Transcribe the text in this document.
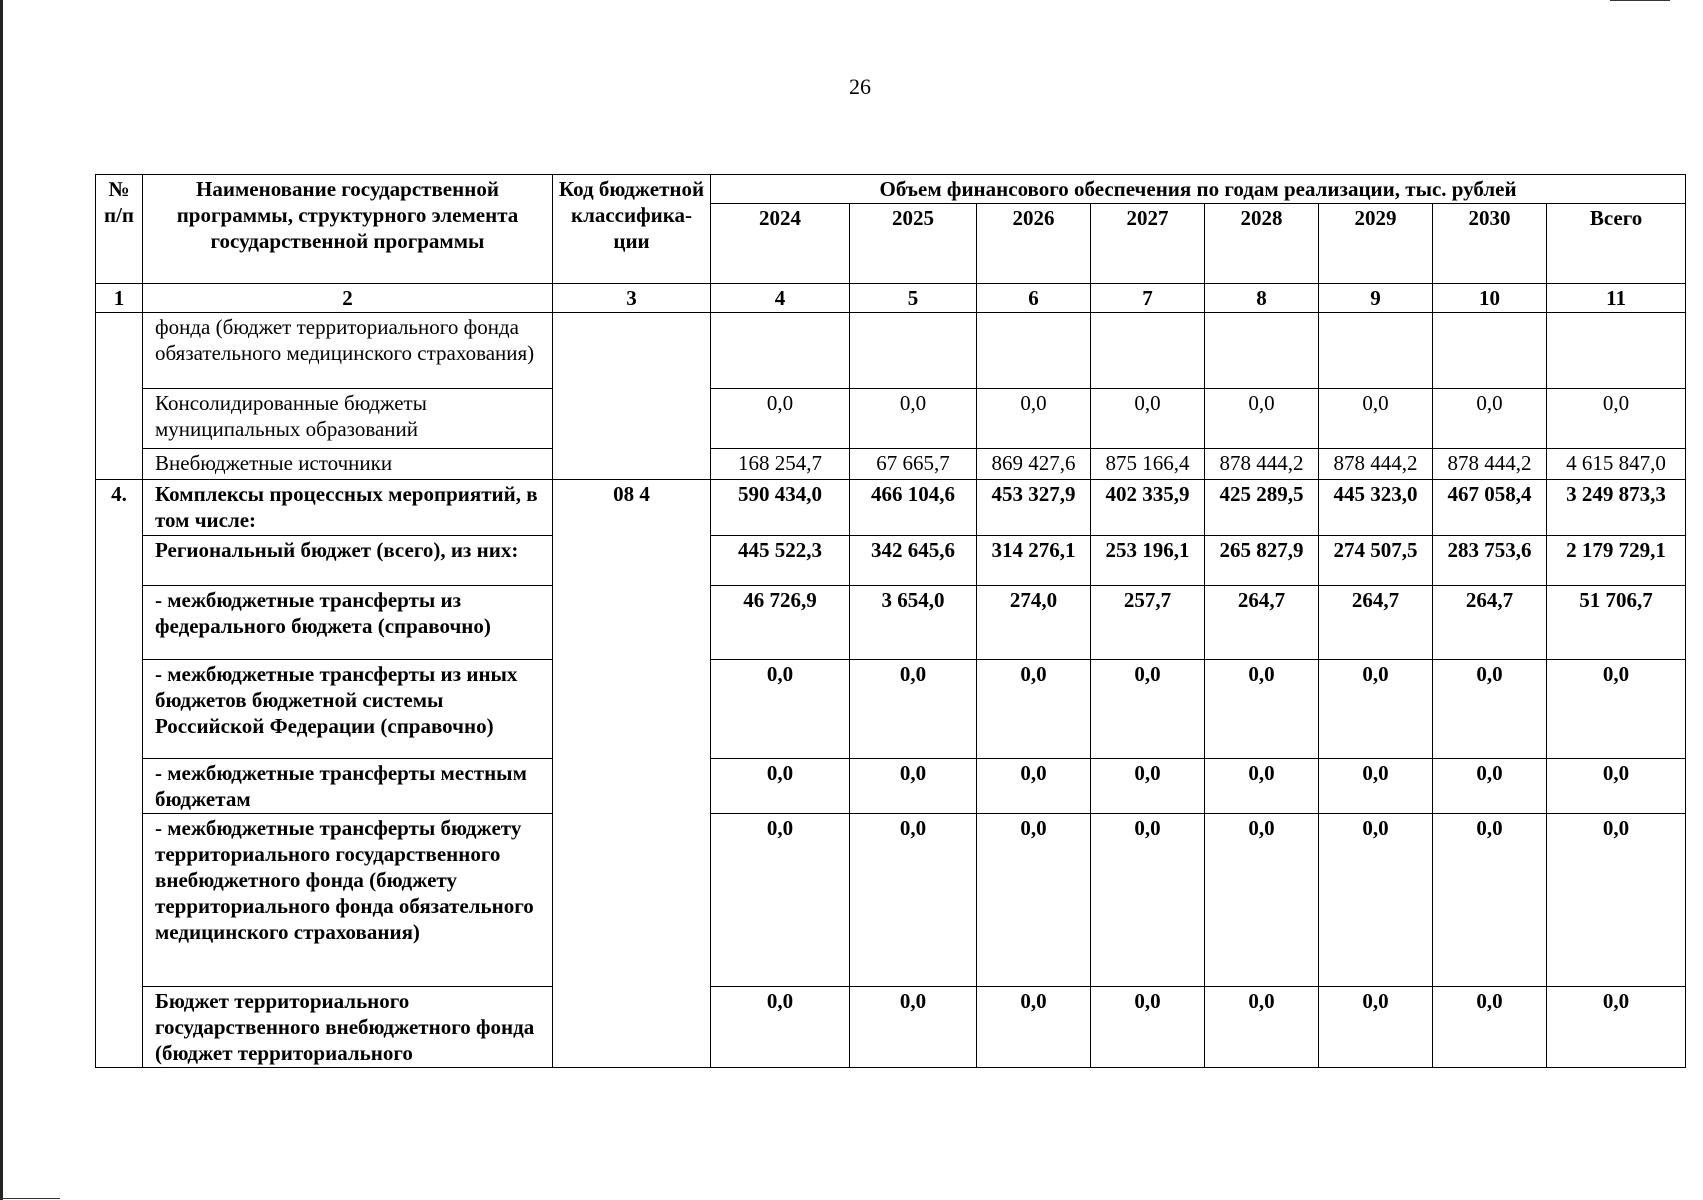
26
№ п/п	Наименование государственной программы, структурного элемента государственной программы	Код бюджетной классифика-ции	Объем финансового обеспечения по годам реализации, тыс. рублей							
			2024	2025	2026	2027	2028	2029	2030	Всего
1	2	3	4	5	6	7	8	9	10	11
	фонда (бюджет территориального фонда обязательного медицинского страхования)									
	Консолидированные бюджеты муниципальных образований		0,0	0,0	0,0	0,0	0,0	0,0	0,0	0,0
	Внебюджетные источники		168 254,7	67 665,7	869 427,6	875 166,4	878 444,2	878 444,2	878 444,2	4 615 847,0
4.	Комплексы процессных мероприятий, в том числе:	08 4	590 434,0	466 104,6	453 327,9	402 335,9	425 289,5	445 323,0	467 058,4	3 249 873,3
	Региональный бюджет (всего), из них:		445 522,3	342 645,6	314 276,1	253 196,1	265 827,9	274 507,5	283 753,6	2 179 729,1
	- межбюджетные трансферты из федерального бюджета (справочно)		46 726,9	3 654,0	274,0	257,7	264,7	264,7	264,7	51 706,7
	- межбюджетные трансферты из иных бюджетов бюджетной системы Российской Федерации (справочно)		0,0	0,0	0,0	0,0	0,0	0,0	0,0	0,0
	- межбюджетные трансферты местным бюджетам		0,0	0,0	0,0	0,0	0,0	0,0	0,0	0,0
	- межбюджетные трансферты бюджету территориального государственного внебюджетного фонда (бюджету территориального фонда обязательного медицинского страхования)		0,0	0,0	0,0	0,0	0,0	0,0	0,0	0,0
	Бюджет территориального государственного внебюджетного фонда (бюджет территориального		0,0	0,0	0,0	0,0	0,0	0,0	0,0	0,0
